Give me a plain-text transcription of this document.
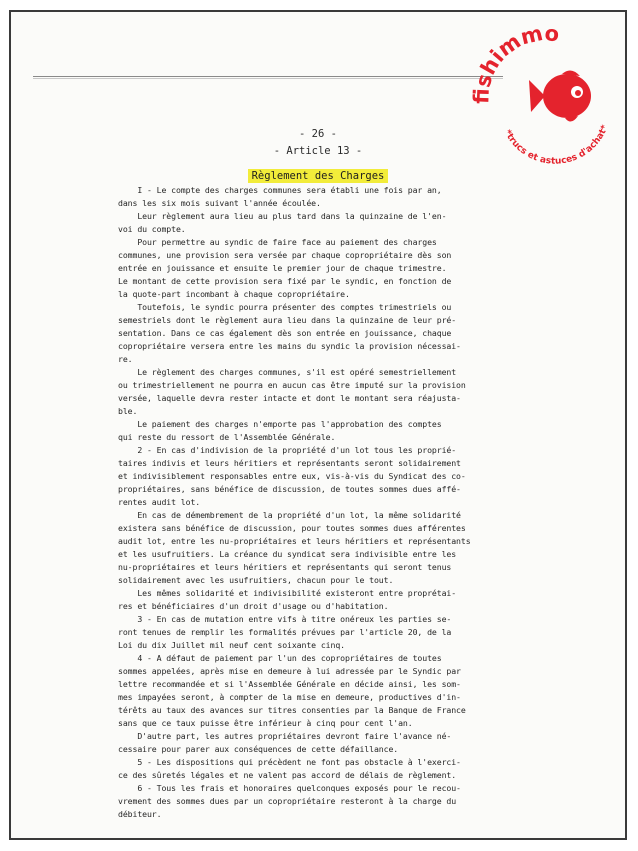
fishimmo
*trucs et astuces d'achat*
- 26 -
- Article 13 -
Règlement des Charges
I - Le compte des charges communes sera établi une fois par an,
dans les six mois suivant l'année écoulée.
Leur règlement aura lieu au plus tard dans la quinzaine de l'en-
voi du compte.
Pour permettre au syndic de faire face au paiement des charges
communes, une provision sera versée par chaque copropriétaire dès son
entrée en jouissance et ensuite le premier jour de chaque trimestre.
Le montant de cette provision sera fixé par le syndic, en fonction de
la quote-part incombant à chaque copropriétaire.
Toutefois, le syndic pourra présenter des comptes trimestriels ou
semestriels dont le règlement aura lieu dans la quinzaine de leur pré-
sentation. Dans ce cas également dès son entrée en jouissance, chaque
copropriétaire versera entre les mains du syndic la provision nécessai-
re.
Le règlement des charges communes, s'il est opéré semestriellement
ou trimestriellement ne pourra en aucun cas être imputé sur la provision
versée, laquelle devra rester intacte et dont le montant sera réajusta-
ble.
Le paiement des charges n'emporte pas l'approbation des comptes
qui reste du ressort de l'Assemblée Générale.
2 - En cas d'indivision de la propriété d'un lot tous les proprié-
taires indivis et leurs héritiers et représentants seront solidairement
et indivisiblement responsables entre eux, vis-à-vis du Syndicat des co-
propriétaires, sans bénéfice de discussion, de toutes sommes dues affé-
rentes audit lot.
En cas de démembrement de la propriété d'un lot, la même solidarité
existera sans bénéfice de discussion, pour toutes sommes dues afférentes
audit lot, entre les nu-propriétaires et leurs héritiers et représentants
et les usufruitiers. La créance du syndicat sera indivisible entre les
nu-propriétaires et leurs héritiers et représentants qui seront tenus
solidairement avec les usufruitiers, chacun pour le tout.
Les mêmes solidarité et indivisibilité existeront entre proprétai-
res et bénéficiaires d'un droit d'usage ou d'habitation.
3 - En cas de mutation entre vifs à titre onéreux les parties se-
ront tenues de remplir les formalités prévues par l'article 20, de la
Loi du dix Juillet mil neuf cent soixante cinq.
4 - A défaut de paiement par l'un des copropriétaires de toutes
sommes appelées, après mise en demeure à lui adressée par le Syndic par
lettre recommandée et si l'Assemblée Générale en décide ainsi, les som-
mes impayées seront, à compter de la mise en demeure, productives d'in-
térêts au taux des avances sur titres consenties par la Banque de France
sans que ce taux puisse être inférieur à cinq pour cent l'an.
D'autre part, les autres propriétaires devront faire l'avance né-
cessaire pour parer aux conséquences de cette défaillance.
5 - Les dispositions qui précèdent ne font pas obstacle à l'exerci-
ce des sûretés légales et ne valent pas accord de délais de règlement.
6 - Tous les frais et honoraires quelconques exposés pour le recou-
vrement des sommes dues par un copropriétaire resteront à la charge du
débiteur.
